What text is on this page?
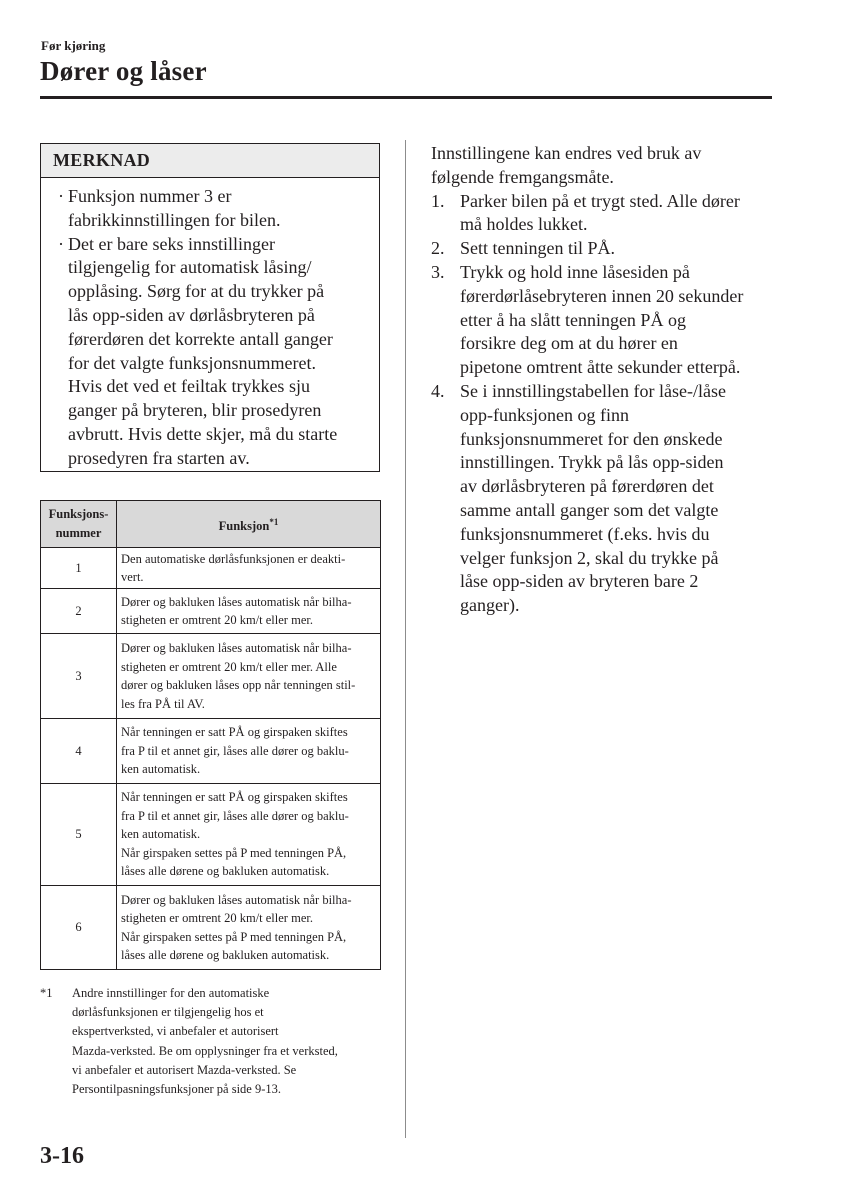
Før kjøring
Dører og låser
MERKNAD
· Funksjon nummer 3 er
fabrikkinnstillingen for bilen.
· Det er bare seks innstillinger
tilgjengelig for automatisk låsing/
opplåsing. Sørg for at du trykker på
lås opp-siden av dørlåsbryteren på
førerdøren det korrekte antall ganger
for det valgte funksjonsnummeret.
Hvis det ved et feiltak trykkes sju
ganger på bryteren, blir prosedyren
avbrutt. Hvis dette skjer, må du starte
prosedyren fra starten av.
Funksjons-
nummer	Funksjon$^{*1}$
1	Den automatiske dørlåsfunksjonen er deakti-
vert.

2	Dører og bakluken låses automatisk når bilha-
stigheten er omtrent 20 km/t eller mer.

3	Dører og bakluken låses automatisk når bilha-
stigheten er omtrent 20 km/t eller mer. Alle
dører og bakluken låses opp når tenningen stil-
les fra PÅ til AV.

4	Når tenningen er satt PÅ og girspaken skiftes
fra P til et annet gir, låses alle dører og baklu-
ken automatisk.

5	Når tenningen er satt PÅ og girspaken skiftes
fra P til et annet gir, låses alle dører og baklu-
ken automatisk.
Når girspaken settes på P med tenningen PÅ,
låses alle dørene og bakluken automatisk.

6	Dører og bakluken låses automatisk når bilha-
stigheten er omtrent 20 km/t eller mer.
Når girspaken settes på P med tenningen PÅ,
låses alle dørene og bakluken automatisk.
*1 Andre innstillinger for den automatiske
dørlåsfunksjonen er tilgjengelig hos et
ekspertverksted, vi anbefaler et autorisert
Mazda-verksted. Be om opplysninger fra et verksted,
vi anbefaler et autorisert Mazda-verksted. Se
Persontilpasningsfunksjoner på side 9-13.
Innstillingene kan endres ved bruk av
følgende fremgangsmåte.
1. Parker bilen på et trygt sted. Alle dører
må holdes lukket.
2. Sett tenningen til PÅ.
3. Trykk og hold inne låsesiden på
førerdørlåsebryteren innen 20 sekunder
etter å ha slått tenningen PÅ og
forsikre deg om at du hører en
pipetone omtrent åtte sekunder etterpå.
4. Se i innstillingstabellen for låse-/låse
opp-funksjonen og finn
funksjonsnummeret for den ønskede
innstillingen. Trykk på lås opp-siden
av dørlåsbryteren på førerdøren det
samme antall ganger som det valgte
funksjonsnummeret (f.eks. hvis du
velger funksjon 2, skal du trykke på
låse opp-siden av bryteren bare 2
ganger).
3-16
